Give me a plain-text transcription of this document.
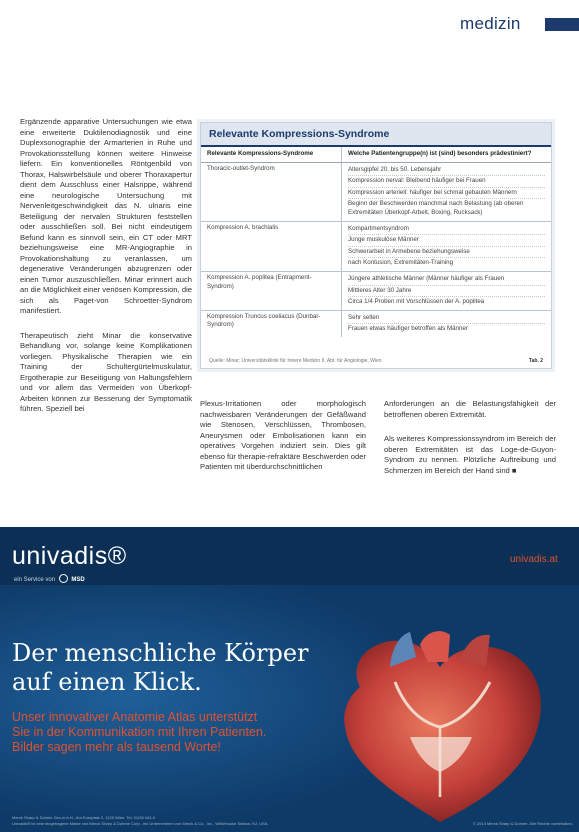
medizin

Ergänzende apparative Untersuchungen wie etwa eine erweiterte Duktilenodiagnostik und eine Duplexsonographie der Armarterien in Ruhe und Provokationsstellung können weitere Hinweise liefern. Ein konventionelles Röntgenbild von Thorax, Halswirbelsäule und oberer Thoraxapertur dient dem Ausschluss einer Halsrippe, während eine neurologische Untersuchung mit Nervenleitgeschwindigkeit das N. ulnaris eine Beteiligung der nervalen Strukturen feststellen oder ausschließen soll. Bei nicht eindeutigem Befund kann es sinnvoll sein, ein CT oder MRT beziehungsweise eine MR-Angiographie in Provokationshaltung zu veranlassen, um degenerative Veränderungen abzugrenzen oder einen Tumor auszuschließen. Minar erinnert auch an die Möglichkeit einer venösen Kompression, die sich als Paget-von Schroetter-Syndrom manifestiert.

Therapeutisch zieht Minar die konservative Behandlung vor, solange keine Komplikationen vorliegen. Physikalische Therapien wie ein Training der Schultergürtelmuskulatur, Ergotherapie zur Beseitigung von Haltungsfehlern und vor allem das Vermeiden von Überkopf-Arbeiten können zur Besserung der Symptomatik führen. Speziell bei

Relevante Kompressions-Syndrome
Relevante Kompressions-Syndrome	Welche Patientengruppe(n) ist (sind) besonders prädestiniert?
Thoracic-outlet-Syndrom	Altersgipfel 20. bis 50. Lebensjahr
Kompression nerval: Bleibend häufiger bei Frauen
Kompression arteriell: häufiger bei schmal gebauten Männern
Beginn der Beschwerden manchmal nach Belastung (ab oberen Extremitäten Überkopf-Arbeit, Boxing, Rucksack)

Kompression A. brachialis	Kompartmentsyndrom
Junge muskulöse Männer
Schwerarbeit in Armebene beziehungsweise
nach Kontusion, Extremitäten-Training

Kompression A. poplitea (Entrapment-Syndrom)	Jüngere athletische Männer (Männer häufiger als Frauen
Mittleres Alter 30 Jahre
Circa 1/4 Proben mit Vorschlüssen der A. poplitea

Kompression Truncus coeliacus (Dunbar-Syndrom)	Sehr selten
Frauen etwas häufiger betroffen als Männer
Quelle: Minar; Universitätsklinik für Innere Medizin II, Abt. für Angiologie, Wien	Tab. 2

Plexus-Irritationen oder morphologisch nachweisbaren Veränderungen der Gefäßwand wie Stenosen, Verschlüssen, Thrombosen, Aneurysmen oder Embolisationen kann ein operatives Vorgehen indiziert sein. Dies gilt ebenso für therapie-refraktäre Beschwerden oder Patienten mit überdurchschnittlichen

Anforderungen an die Belastungsfähigkeit der betroffenen oberen Extremität.

Als weiteres Kompressionssyndrom im Bereich der oberen Extremitäten ist das Loge-de-Guyon-Syndrom zu nennen. Plötzliche Auftreibung und Schmerzen im Bereich der Hand sind ■

univadis®
ein Service von	MSD
univadis.at
Der menschliche Körper
auf einen Klick.
Unser innovativer Anatomie Atlas unterstützt
Sie in der Kommunikation mit Ihren Patienten.
Bilder sagen mehr als tausend Worte!
Merck Sharp & Dohme Ges.m.b.H., Am Europlatz 2, 1120 Wien, Tel. 01/26 044-0
Univadis® ist eine eingetragene Marke von Merck Sharp & Dohme Corp., ein Unternehmen von Merck & Co., Inc., Whitehouse Station, NJ, USA	© 2014 Merck Sharp & Dohme. Alle Rechte vorbehalten.
